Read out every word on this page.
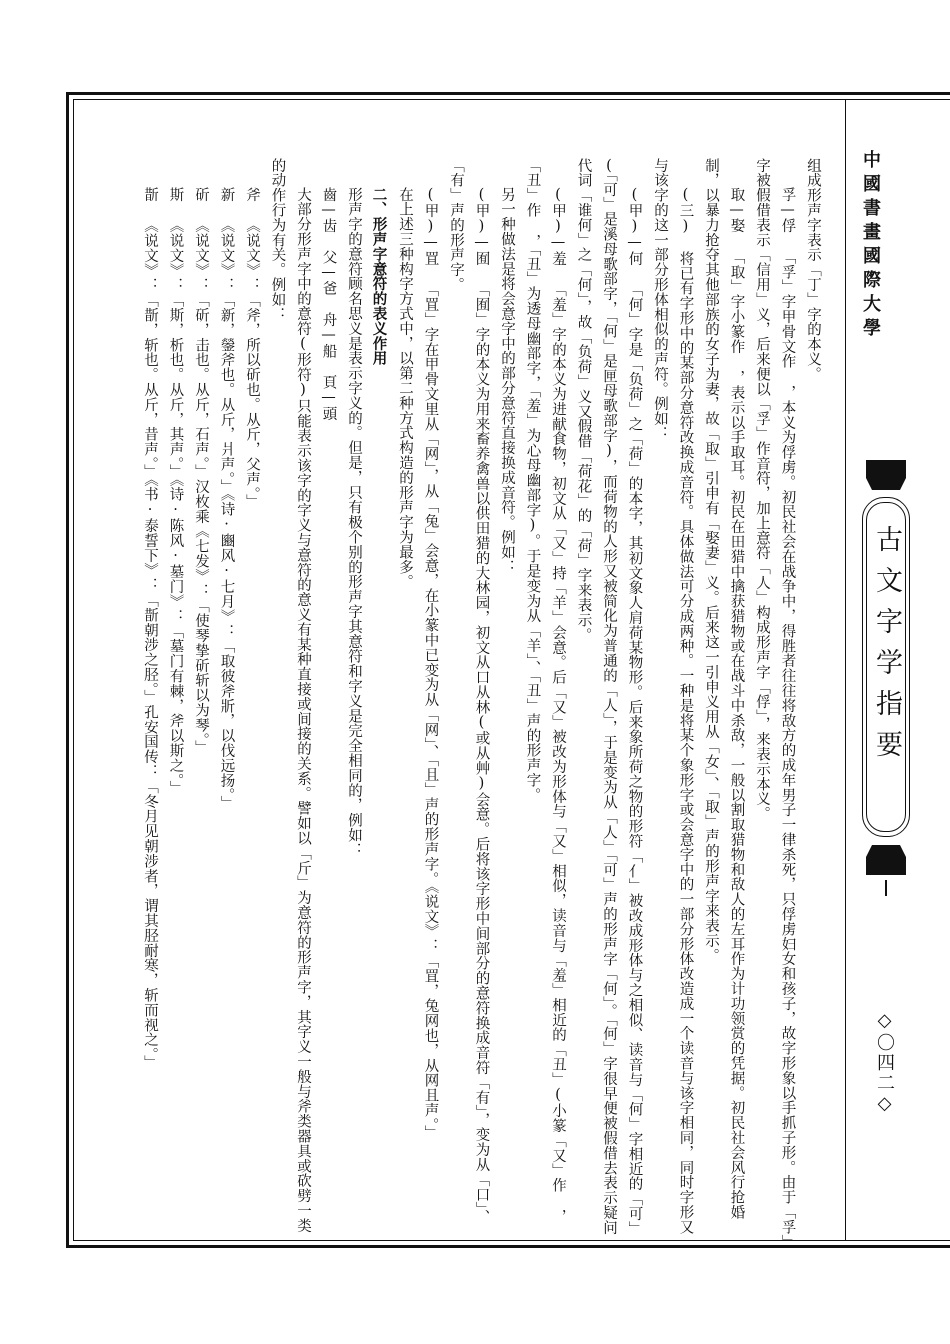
中國書畫國際大學
古文字学指要
◇〇四二◇

组成形声字表示「丁」字的本义。

孚—俘 「孚」字甲骨文作 ，本义为俘虏。初民社会在战争中，得胜者往往将敌方的成年男子一律杀死，只俘虏妇女和孩子，故字形象以手抓子形。由于「孚」字被假借表示「信用」义，后来便以「孚」作音符，加上意符「人」构成形声字「俘」，来表示本义。

取—娶 「取」字小篆作 ，表示以手取耳。初民在田猎中擒获猎物或在战斗中杀敌，一般以割取猎物和敌人的左耳作为计功领赏的凭据。初民社会风行抢婚制，以暴力抢夺其他部族的女子为妻，故「取」引申有「娶妻」义。后来这一引申义用从「女」、「取」声的形声字来表示。

(三) 将已有字形中的某部分意符改换成音符。具体做法可分成两种。一种是将某个象形字或会意字中的一部分形体改造成一个读音与该字相同，同时字形又与该字的这一部分形体相似的声符。例如：

(甲)—何 「何」字是「负荷」之「荷」的本字，其初文象人肩荷某物形。后来象所荷之物的形符「亻」被改成形体与之相似、读音与「何」字相近的「可」(「可」是溪母歌部字，「何」是匣母歌部字)，而荷物的人形又被简化为普通的「人」，于是变为从「人」「可」声的形声字「何」。「何」字很早便被假借去表示疑问代词「谁何」之「何」，故「负荷」义又假借「荷花」的「荷」字来表示。

(甲)—羞 「羞」字的本义为进献食物，初文从「又」持「羊」会意。后「又」被改为形体与「又」相似，读音与「羞」相近的「丑」(小篆「又」作 ，「丑」作 ，「丑」为透母幽部字，「羞」为心母幽部字)。于是变为从「羊」、「丑」声的形声字。

另一种做法是将会意字中的部分意符直接换成音符。例如：

(甲)—囿 「囿」字的本义为用来畜养禽兽以供田猎的大林园，初文从口从林(或从艸)会意。后将该字形中间部分的意符换成音符「有」，变为从「口」、「有」声的形声字。

(甲)—罝 「罝」字在甲骨文里从「网」，从「兔」会意，在小篆中已变为从「网」、「且」声的形声字。《说文》：「罝，兔网也，从网且声。」

在上述三种构字方式中，以第二种方式构造的形声字为最多。

二、形声字意符的表义作用

形声字的意符顾名思义是表示字义的。但是，只有极个别的形声字其意符和字义是完全相同的，例如：

齒—齿 父—爸 舟—船 頁—頭

大部分形声字中的意符(形符)只能表示该字的字义与意符的意义有某种直接或间接的关系。譬如以「斤」为意符的形声字，其字义一般与斧类器具或砍劈一类的动作行为有关。例如：

斧 《说文》：「斧，所以斫也。从斤，父声。」

新 《说文》：「新，鎣斧也。从斤，爿声。」《诗·豳风·七月》：「取彼斧斨，以伐远扬。」

斫 《说文》：「斫，击也。从斤，石声。」汉枚乘《七发》：「使琴挚斫斩以为琴。」

斯 《说文》：「斯，析也。从斤，其声。」《诗·陈风·墓门》：「墓门有棘，斧以斯之。」

斮 《说文》：「斮，斩也。从斤，昔声。」《书·泰誓下》：「斮朝涉之胫。」孔安国传：「冬月见朝涉者，谓其胫耐寒，斩而视之。」
